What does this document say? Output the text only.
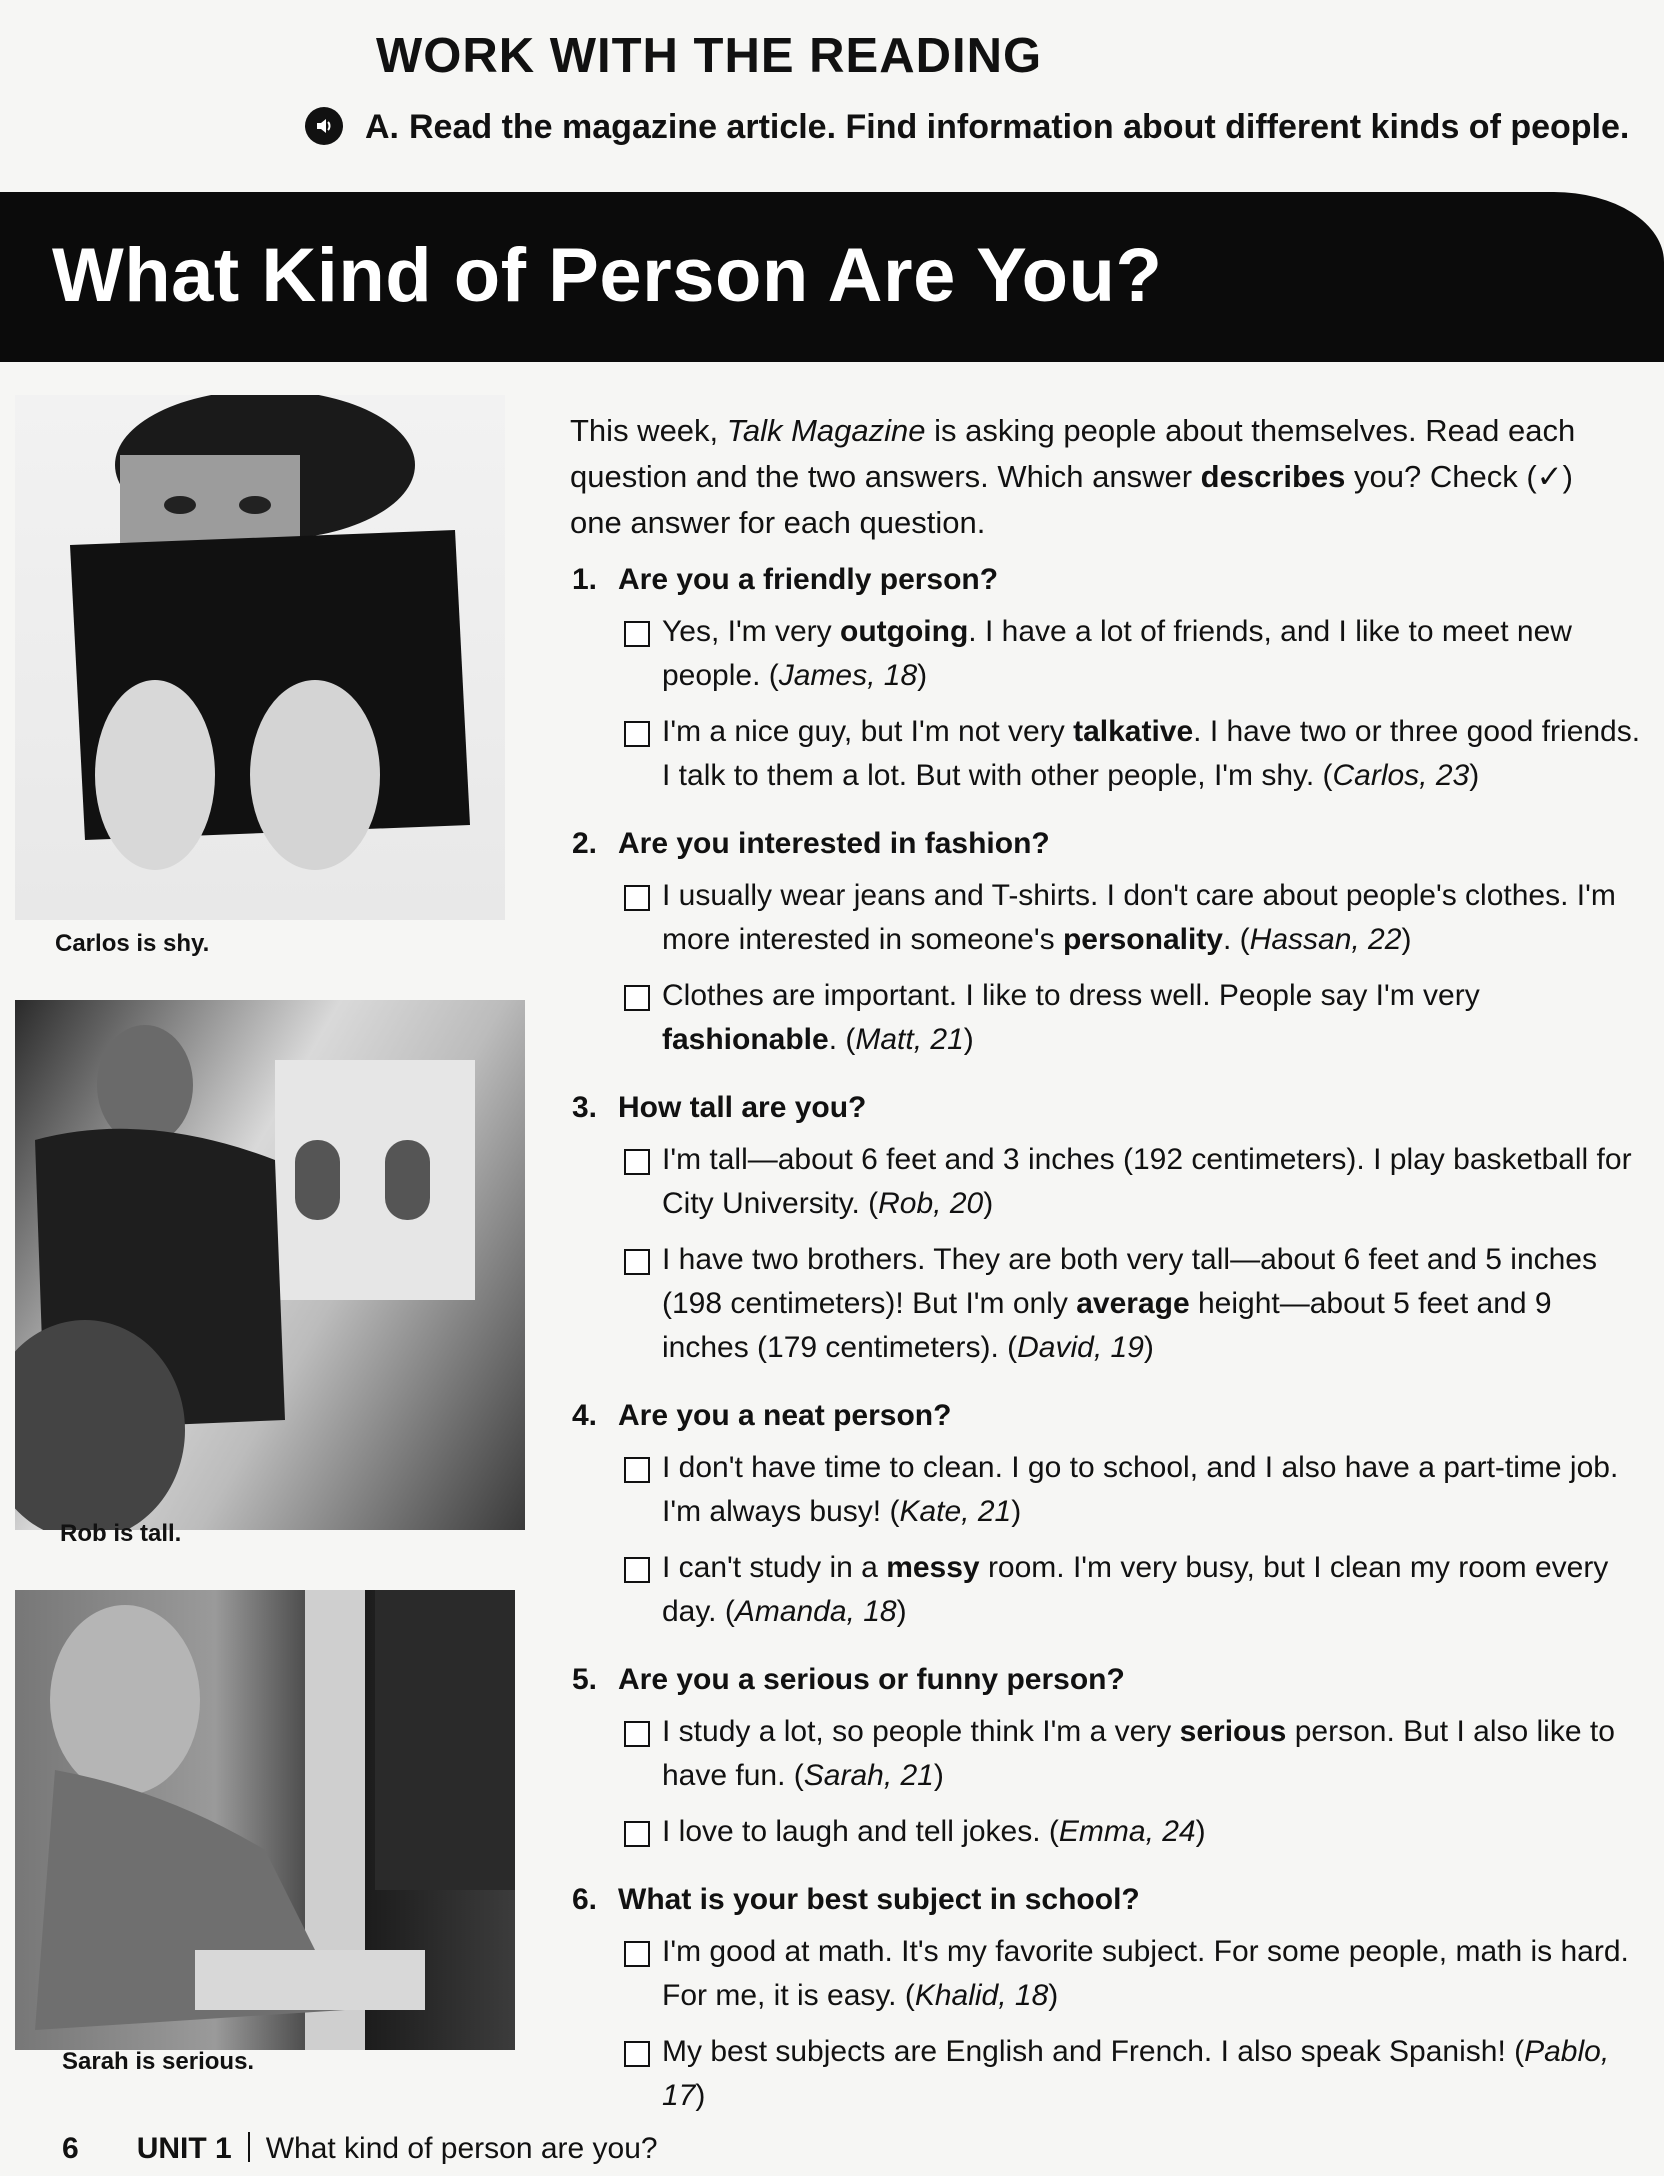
WORK WITH THE READING
A. Read the magazine article. Find information about different kinds of people.
What Kind of Person Are You?
Carlos is shy.
Rob is tall.
Sarah is serious.
This week, Talk Magazine is asking people about themselves. Read each question and the two answers. Which answer describes you? Check (✓) one answer for each question.
1. Are you a friendly person?
Yes, I'm very outgoing. I have a lot of friends, and I like to meet new people. (James, 18)
I'm a nice guy, but I'm not very talkative. I have two or three good friends. I talk to them a lot. But with other people, I'm shy. (Carlos, 23)
2. Are you interested in fashion?
I usually wear jeans and T-shirts. I don't care about people's clothes. I'm more interested in someone's personality. (Hassan, 22)
Clothes are important. I like to dress well. People say I'm very fashionable. (Matt, 21)
3. How tall are you?
I'm tall—about 6 feet and 3 inches (192 centimeters). I play basketball for City University. (Rob, 20)
I have two brothers. They are both very tall—about 6 feet and 5 inches (198 centimeters)! But I'm only average height—about 5 feet and 9 inches (179 centimeters). (David, 19)
4. Are you a neat person?
I don't have time to clean. I go to school, and I also have a part-time job. I'm always busy! (Kate, 21)
I can't study in a messy room. I'm very busy, but I clean my room every day. (Amanda, 18)
5. Are you a serious or funny person?
I study a lot, so people think I'm a very serious person. But I also like to have fun. (Sarah, 21)
I love to laugh and tell jokes. (Emma, 24)
6. What is your best subject in school?
I'm good at math. It's my favorite subject. For some people, math is hard. For me, it is easy. (Khalid, 18)
My best subjects are English and French. I also speak Spanish! (Pablo, 17)
6 UNIT 1 What kind of person are you?
